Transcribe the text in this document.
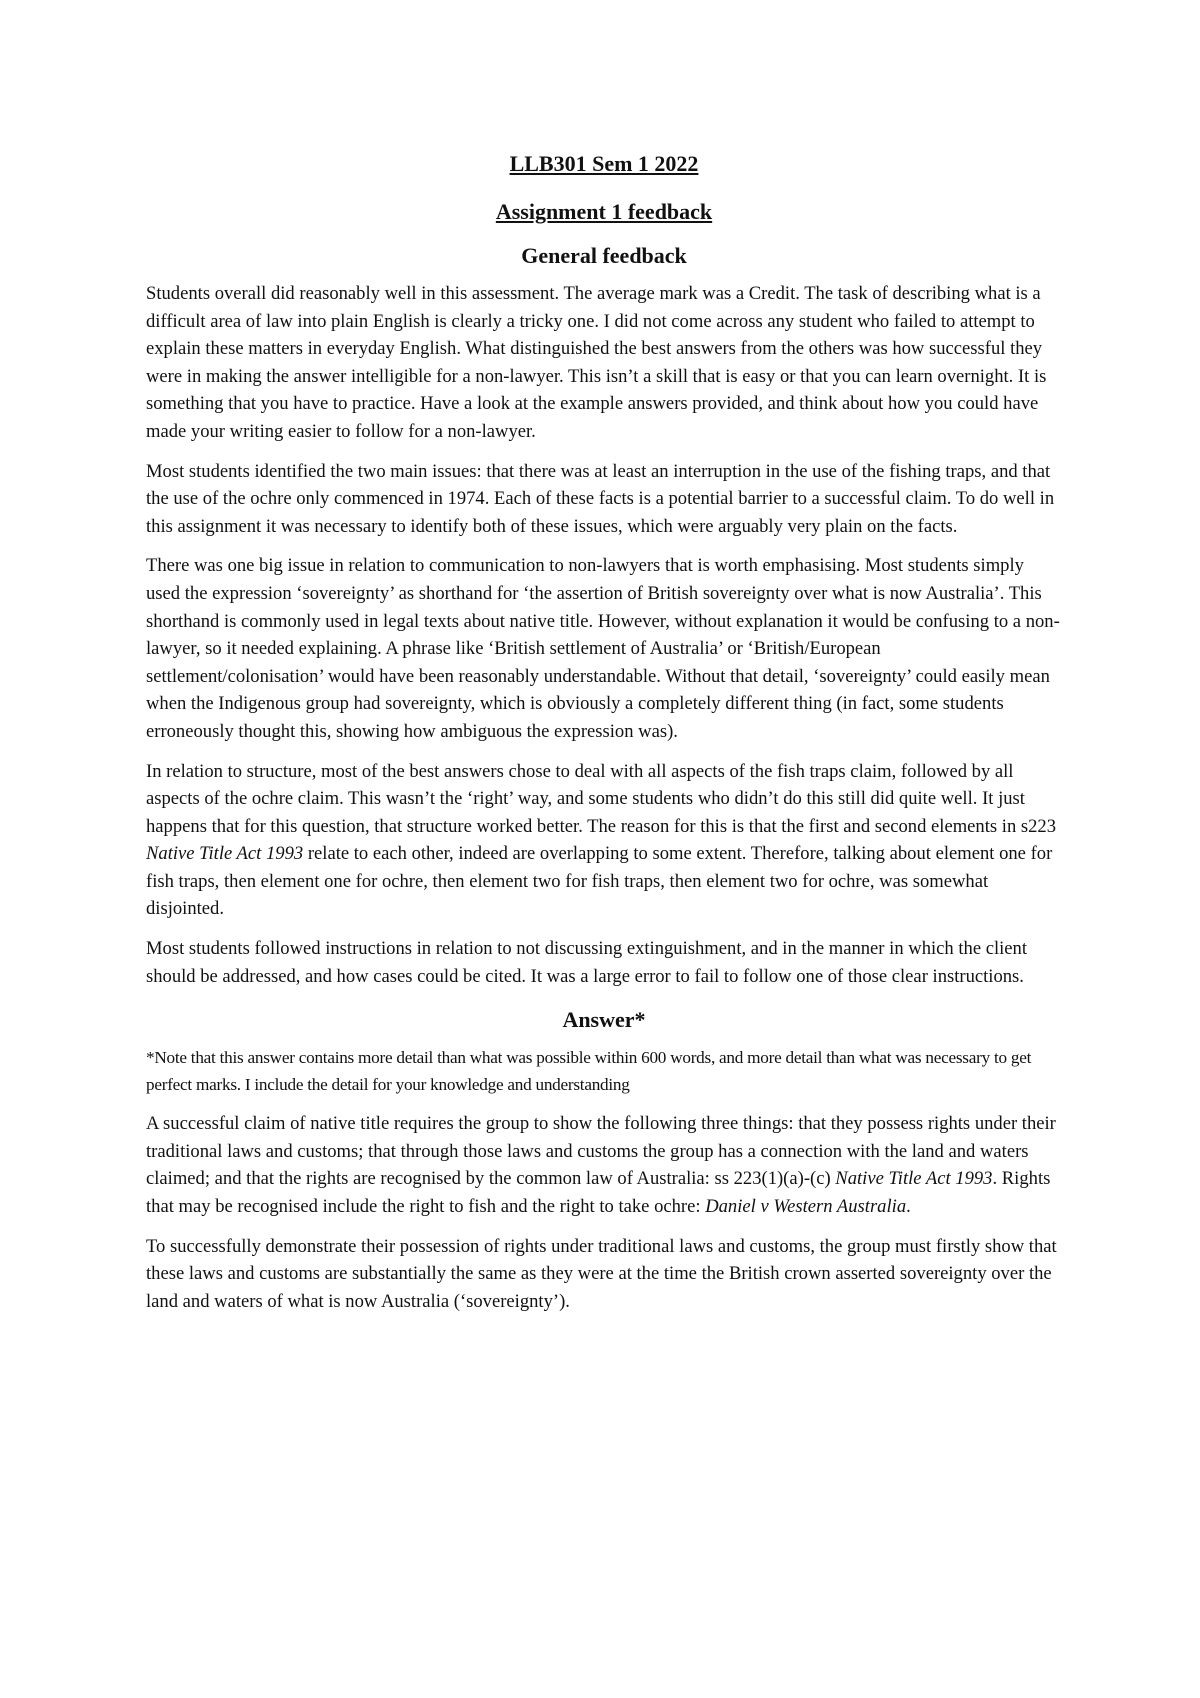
LLB301 Sem 1 2022

Assignment 1 feedback

General feedback

Students overall did reasonably well in this assessment. The average mark was a Credit. The task of describing what is a difficult area of law into plain English is clearly a tricky one. I did not come across any student who failed to attempt to explain these matters in everyday English. What distinguished the best answers from the others was how successful they were in making the answer intelligible for a non-lawyer. This isn’t a skill that is easy or that you can learn overnight. It is something that you have to practice. Have a look at the example answers provided, and think about how you could have made your writing easier to follow for a non-lawyer.

Most students identified the two main issues: that there was at least an interruption in the use of the fishing traps, and that the use of the ochre only commenced in 1974. Each of these facts is a potential barrier to a successful claim. To do well in this assignment it was necessary to identify both of these issues, which were arguably very plain on the facts.

There was one big issue in relation to communication to non-lawyers that is worth emphasising. Most students simply used the expression ‘sovereignty’ as shorthand for ‘the assertion of British sovereignty over what is now Australia’. This shorthand is commonly used in legal texts about native title. However, without explanation it would be confusing to a non-lawyer, so it needed explaining. A phrase like ‘British settlement of Australia’ or ‘British/European settlement/colonisation’ would have been reasonably understandable. Without that detail, ‘sovereignty’ could easily mean when the Indigenous group had sovereignty, which is obviously a completely different thing (in fact, some students erroneously thought this, showing how ambiguous the expression was).

In relation to structure, most of the best answers chose to deal with all aspects of the fish traps claim, followed by all aspects of the ochre claim. This wasn’t the ‘right’ way, and some students who didn’t do this still did quite well. It just happens that for this question, that structure worked better. The reason for this is that the first and second elements in s223 Native Title Act 1993 relate to each other, indeed are overlapping to some extent. Therefore, talking about element one for fish traps, then element one for ochre, then element two for fish traps, then element two for ochre, was somewhat disjointed.

Most students followed instructions in relation to not discussing extinguishment, and in the manner in which the client should be addressed, and how cases could be cited. It was a large error to fail to follow one of those clear instructions.

Answer*

*Note that this answer contains more detail than what was possible within 600 words, and more detail than what was necessary to get perfect marks. I include the detail for your knowledge and understanding

A successful claim of native title requires the group to show the following three things: that they possess rights under their traditional laws and customs; that through those laws and customs the group has a connection with the land and waters claimed; and that the rights are recognised by the common law of Australia: ss 223(1)(a)-(c) Native Title Act 1993. Rights that may be recognised include the right to fish and the right to take ochre: Daniel v Western Australia.

To successfully demonstrate their possession of rights under traditional laws and customs, the group must firstly show that these laws and customs are substantially the same as they were at the time the British crown asserted sovereignty over the land and waters of what is now Australia (‘sovereignty’).
